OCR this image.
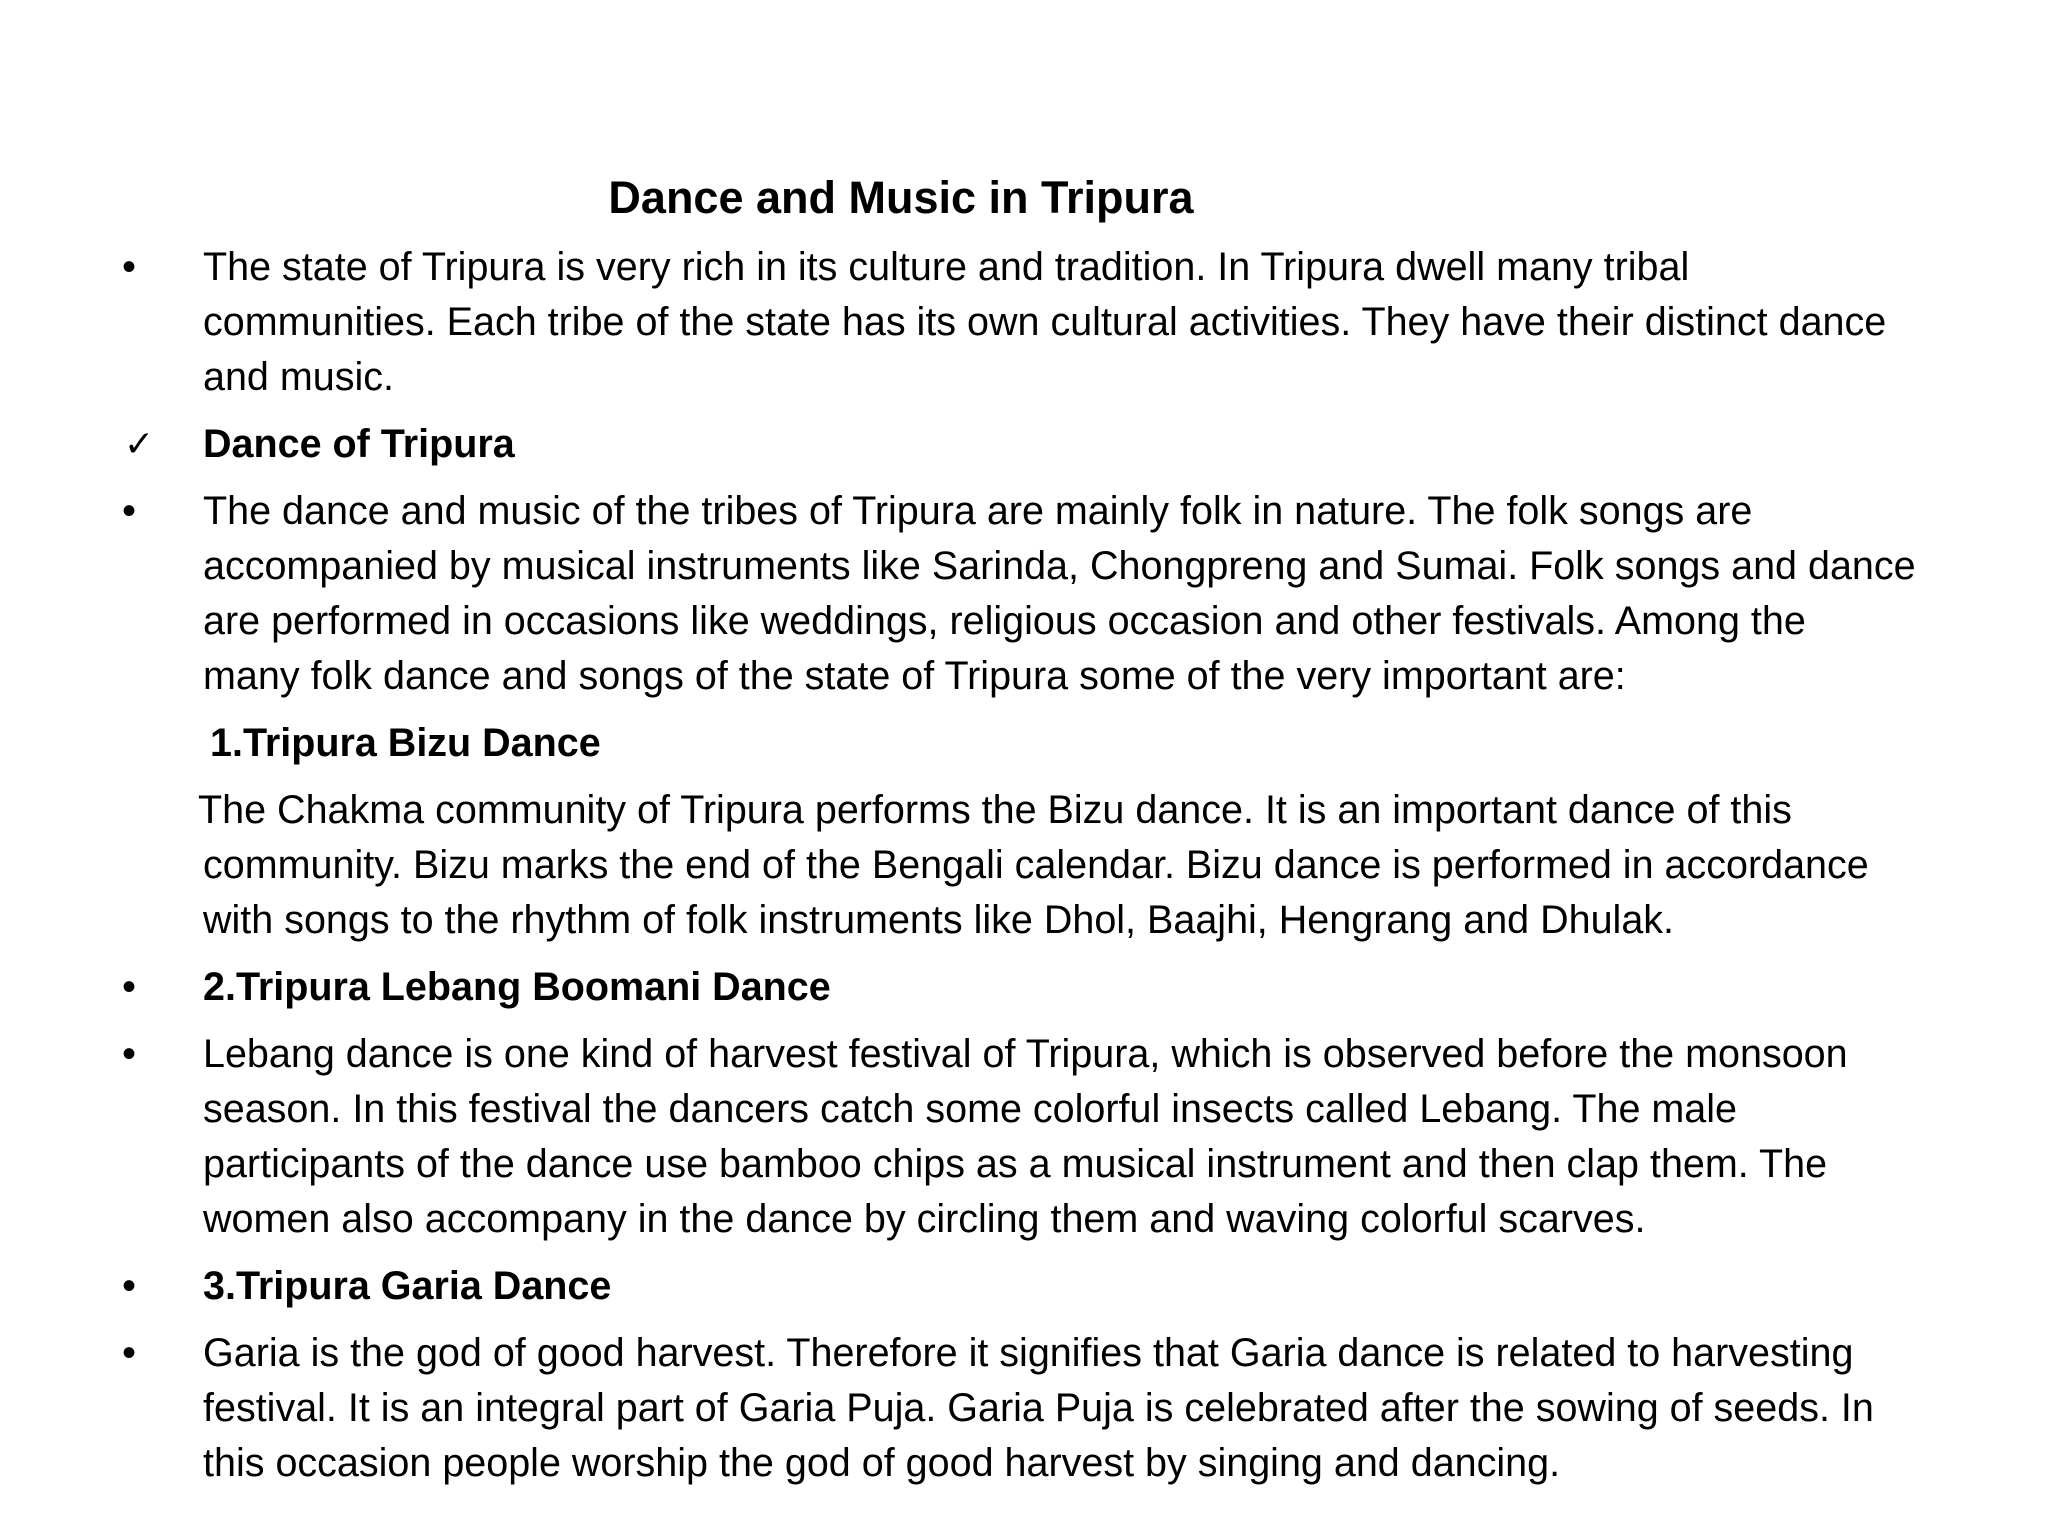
Dance and Music in Tripura
•	The state of Tripura is very rich in its culture and tradition. In Tripura dwell many tribal
communities. Each tribe of the state has its own cultural activities. They have their distinct dance
and music.
✓ Dance of Tripura
•	The dance and music of the tribes of Tripura are mainly folk in nature. The folk songs are
accompanied by musical instruments like Sarinda, Chongpreng and Sumai. Folk songs and dance
are performed in occasions like weddings, religious occasion and other festivals. Among the
many folk dance and songs of the state of Tripura some of the very important are:
1.Tripura Bizu Dance
The Chakma community of Tripura performs the Bizu dance. It is an important dance of this
community. Bizu marks the end of the Bengali calendar. Bizu dance is performed in accordance
with songs to the rhythm of folk instruments like Dhol, Baajhi, Hengrang and Dhulak.
•	2.Tripura Lebang Boomani Dance
•	Lebang dance is one kind of harvest festival of Tripura, which is observed before the monsoon
season. In this festival the dancers catch some colorful insects called Lebang. The male
participants of the dance use bamboo chips as a musical instrument and then clap them. The
women also accompany in the dance by circling them and waving colorful scarves.
•	3.Tripura Garia Dance
•	Garia is the god of good harvest. Therefore it signifies that Garia dance is related to harvesting
festival. It is an integral part of Garia Puja. Garia Puja is celebrated after the sowing of seeds. In
this occasion people worship the god of good harvest by singing and dancing.
